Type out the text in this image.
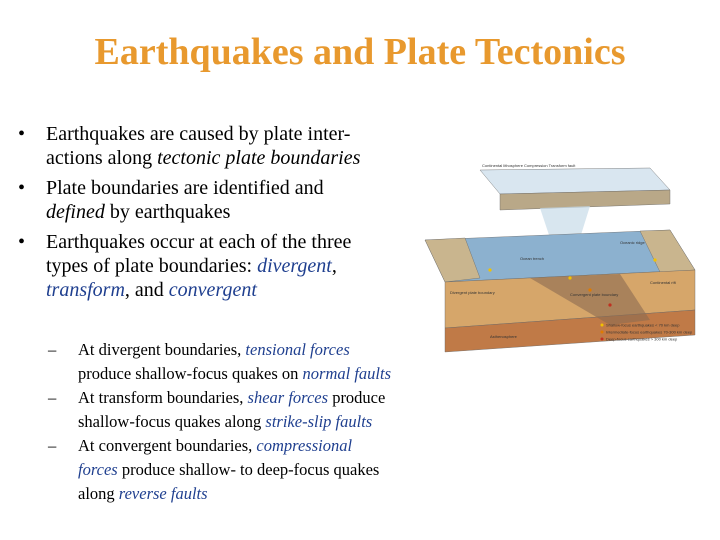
Earthquakes and Plate Tectonics
• Earthquakes are caused by plate inter-
actions along tectonic plate boundaries
• Plate boundaries are identified and
defined by earthquakes
• Earthquakes occur at each of the three
types of plate boundaries: divergent,
transform, and convergent
– At divergent boundaries, tensional forces
produce shallow-focus quakes on normal faults
– At transform boundaries, shear forces produce
shallow-focus quakes along strike-slip faults
– At convergent boundaries, compressional
forces produce shallow- to deep-focus quakes
along reverse faults
Continental lithosphere Compression Transform fault
Ocean trench
Oceanic ridge
Continental rift
Divergent plate boundary	Convergent plate boundary
Asthenosphere
Shallow-focus earthquakes < 70 km deep
Intermediate-focus earthquakes 70-300 km deep
Deep-focus earthquakes > 300 km deep
